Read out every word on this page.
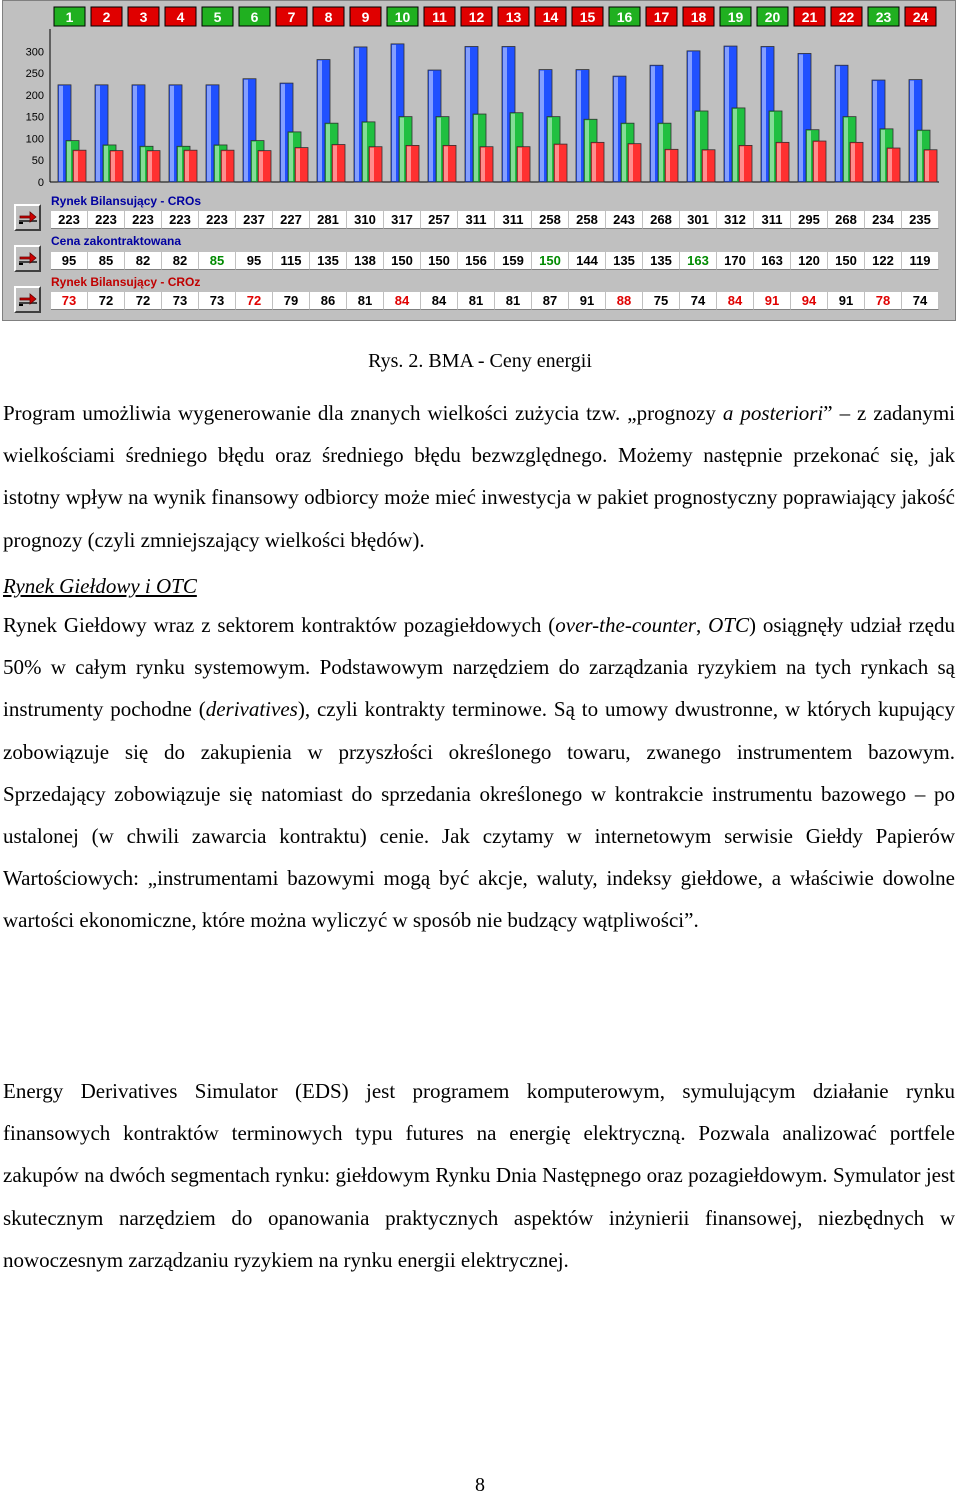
300
250
200
150
100
50
0
1 2 3 4 5 6 7 8 9 10 11 12 13 14 15 16 17 18 19 20 21 22 23 24
Rynek Bilansujący - CROs
223	223	223	223	223	237	227	281	310	317	257	311	311	258	258	243	268	301	312	311	295	268	234	235
Cena zakontraktowana
95	85	82	82	85	95	115	135	138	150	150	156	159	150	144	135	135	163	170	163	120	150	122	119
Rynek Bilansujący - CROz
73	72	72	73	73	72	79	86	81	84	84	81	81	87	91	88	75	74	84	91	94	91	78	74
Rys. 2. BMA - Ceny energii

Program umożliwia wygenerowanie dla znanych wielkości zużycia tzw. „prognozy a posteriori” – z zadanymi wielkościami średniego błędu oraz średniego błędu bezwzględnego. Możemy następnie przekonać się, jak istotny wpływ na wynik finansowy odbiorcy może mieć inwestycja w pakiet prognostyczny poprawiający jakość prognozy (czyli zmniejszający wielkości błędów).

Rynek Giełdowy i OTC

Rynek Giełdowy wraz z sektorem kontraktów pozagiełdowych (over-the-counter, OTC) osiągnęły udział rzędu 50% w całym rynku systemowym. Podstawowym narzędziem do zarządzania ryzykiem na tych rynkach są instrumenty pochodne (derivatives), czyli kontrakty terminowe. Są to umowy dwustronne, w których kupujący zobowiązuje się do zakupienia w przyszłości określonego towaru, zwanego instrumentem bazowym. Sprzedający zobowiązuje się natomiast do sprzedania określonego w kontrakcie instrumentu bazowego – po ustalonej (w chwili zawarcia kontraktu) cenie. Jak czytamy w internetowym serwisie Giełdy Papierów Wartościowych: „instrumentami bazowymi mogą być akcje, waluty, indeksy giełdowe, a właściwie dowolne wartości ekonomiczne, które można wyliczyć w sposób nie budzący wątpliwości”.

Energy Derivatives Simulator (EDS) jest programem komputerowym, symulującym działanie rynku finansowych kontraktów terminowych typu futures na energię elektryczną. Pozwala analizować portfele zakupów na dwóch segmentach rynku: giełdowym Rynku Dnia Następnego oraz pozagiełdowym. Symulator jest skutecznym narzędziem do opanowania praktycznych aspektów inżynierii finansowej, niezbędnych w nowoczesnym zarządzaniu ryzykiem na rynku energii elektrycznej.

8
